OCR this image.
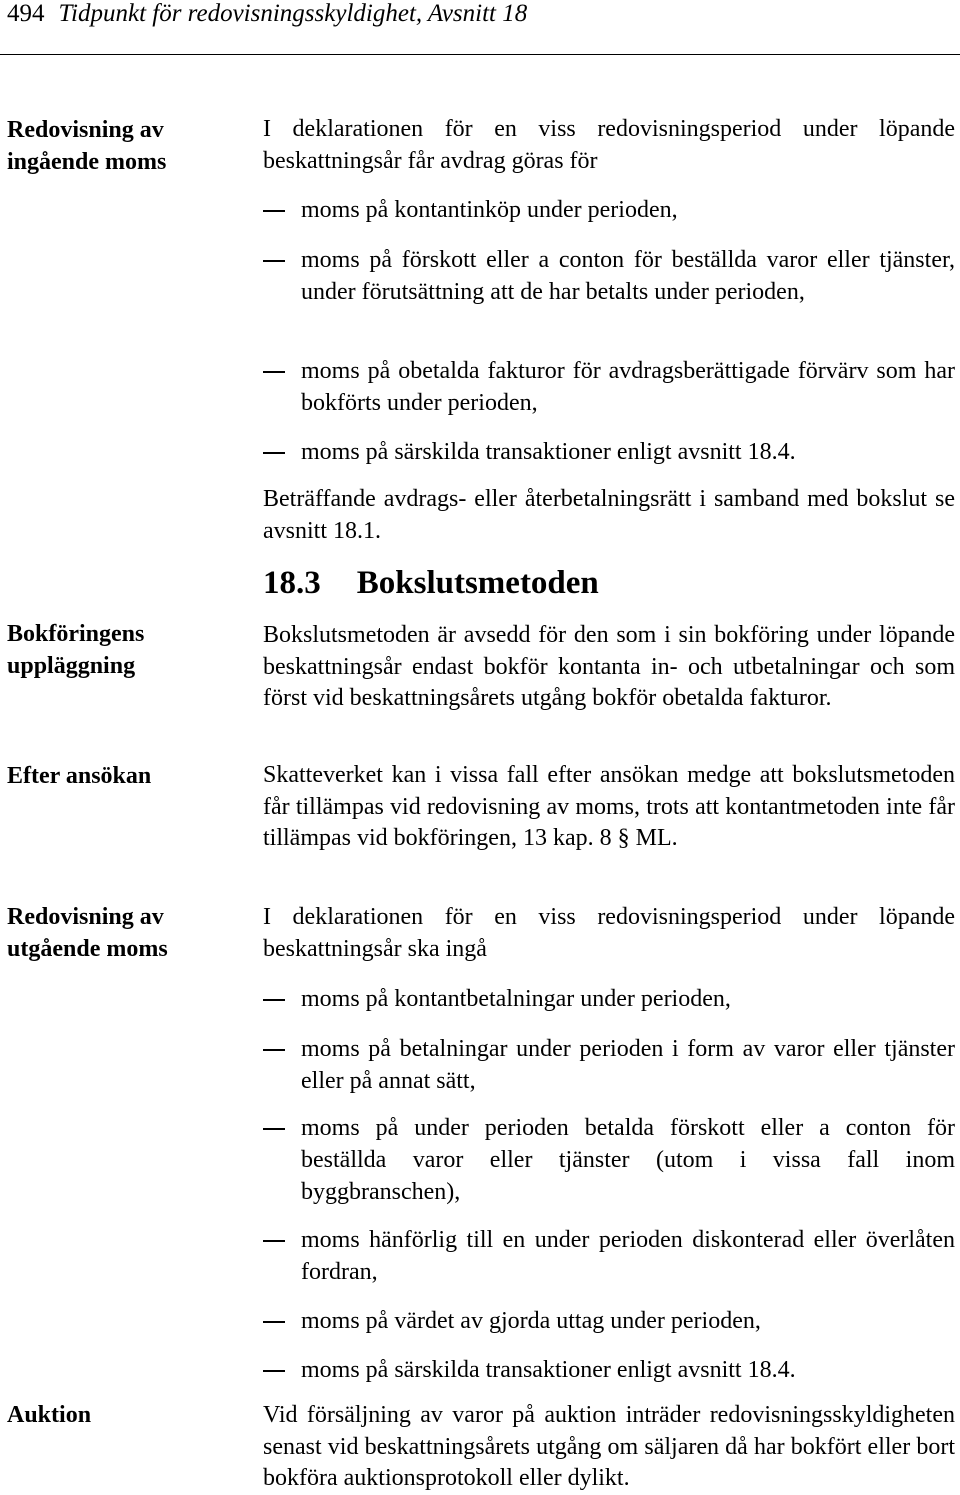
494 Tidpunkt för redovisningsskyldighet, Avsnitt 18
Redovisning av
ingående moms
Bokföringens
uppläggning
Efter ansökan
Redovisning av
utgående moms
Auktion
I deklarationen för en viss redovisningsperiod under löpande beskattningsår får avdrag göras för
moms på kontantinköp under perioden,
moms på förskott eller a conton för beställda varor eller tjänster, under förutsättning att de har betalts under perioden,
moms på obetalda fakturor för avdragsberättigade förvärv som har bokförts under perioden,
moms på särskilda transaktioner enligt avsnitt 18.4.
Beträffande avdrags- eller återbetalningsrätt i samband med bokslut se avsnitt 18.1.
18.3 Bokslutsmetoden
Bokslutsmetoden är avsedd för den som i sin bokföring under löpande beskattningsår endast bokför kontanta in- och utbetalningar och som först vid beskattningsårets utgång bokför obetalda fakturor.
Skatteverket kan i vissa fall efter ansökan medge att bokslutsmetoden får tillämpas vid redovisning av moms, trots att kontantmetoden inte får tillämpas vid bokföringen, 13 kap. 8 § ML.
I deklarationen för en viss redovisningsperiod under löpande beskattningsår ska ingå
moms på kontantbetalningar under perioden,
moms på betalningar under perioden i form av varor eller tjänster eller på annat sätt,
moms på under perioden betalda förskott eller a conton för beställda varor eller tjänster (utom i vissa fall inom byggbranschen),
moms hänförlig till en under perioden diskonterad eller överlåten fordran,
moms på värdet av gjorda uttag under perioden,
moms på särskilda transaktioner enligt avsnitt 18.4.
Vid försäljning av varor på auktion inträder redovisningsskyldigheten senast vid beskattningsårets utgång om säljaren då har bokfört eller bort bokföra auktionsprotokoll eller dylikt.
